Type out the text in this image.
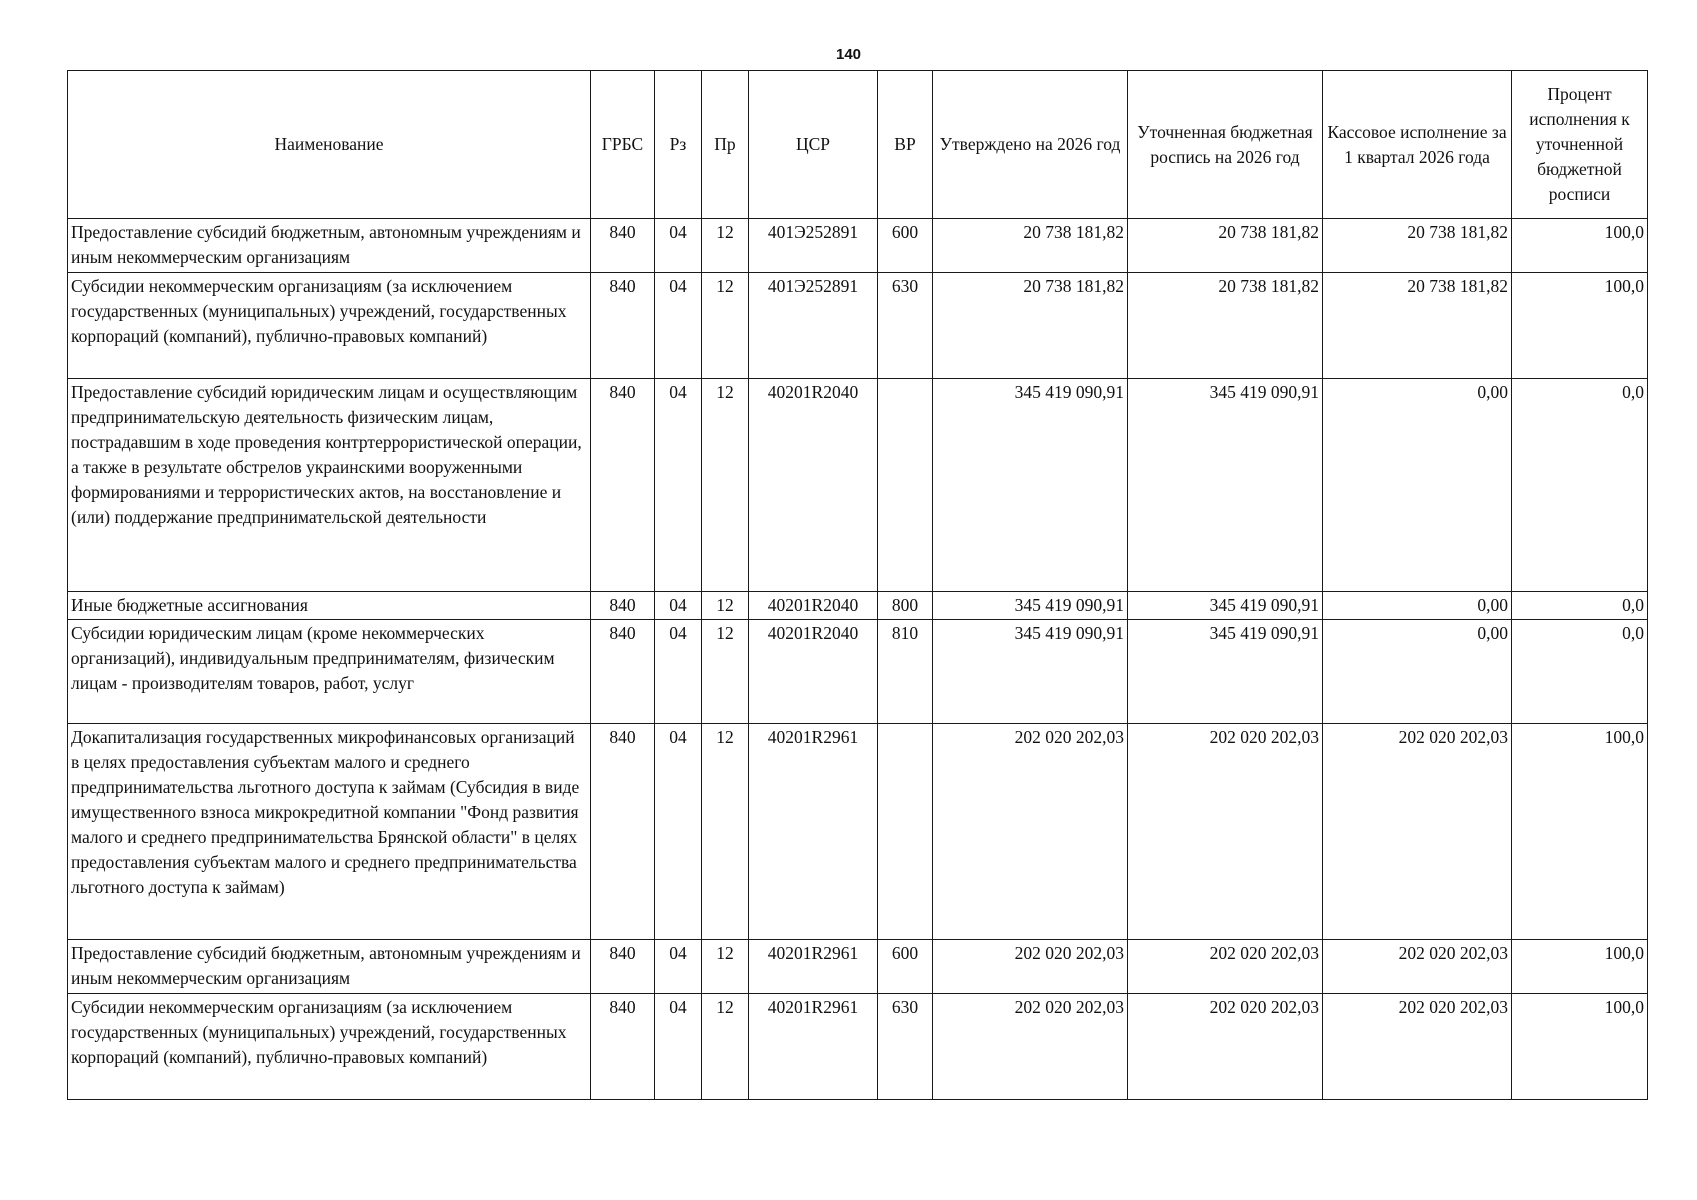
140
Наименование	ГРБС	Рз	Пр	ЦСР	ВР	Утверждено на 2026 год	Уточненная бюджетная роспись на 2026 год	Кассовое исполнение за 1 квартал 2026 года	Процент исполнения к уточненной бюджетной росписи
Предоставление субсидий бюджетным, автономным учреждениям и иным некоммерческим организациям	840	04	12	401Э252891	600	20 738 181,82	20 738 181,82	20 738 181,82	100,0
Субсидии некоммерческим организациям (за исключением государственных (муниципальных) учреждений, государственных корпораций (компаний), публично-правовых компаний)	840	04	12	401Э252891	630	20 738 181,82	20 738 181,82	20 738 181,82	100,0
Предоставление субсидий юридическим лицам и осуществляющим предпринимательскую деятельность физическим лицам, пострадавшим в ходе проведения контртеррористической операции, а также в результате обстрелов украинскими вооруженными формированиями и террористических актов, на восстановление и (или) поддержание предпринимательской деятельности	840	04	12	40201R2040		345 419 090,91	345 419 090,91	0,00	0,0
Иные бюджетные ассигнования	840	04	12	40201R2040	800	345 419 090,91	345 419 090,91	0,00	0,0
Субсидии юридическим лицам (кроме некоммерческих организаций), индивидуальным предпринимателям, физическим лицам - производителям товаров, работ, услуг	840	04	12	40201R2040	810	345 419 090,91	345 419 090,91	0,00	0,0
Докапитализация государственных микрофинансовых организаций в целях предоставления субъектам малого и среднего предпринимательства льготного доступа к займам (Субсидия в виде имущественного взноса микрокредитной компании "Фонд развития малого и среднего предпринимательства Брянской области" в целях предоставления субъектам малого и среднего предпринимательства льготного доступа к займам)	840	04	12	40201R2961		202 020 202,03	202 020 202,03	202 020 202,03	100,0
Предоставление субсидий бюджетным, автономным учреждениям и иным некоммерческим организациям	840	04	12	40201R2961	600	202 020 202,03	202 020 202,03	202 020 202,03	100,0
Субсидии некоммерческим организациям (за исключением государственных (муниципальных) учреждений, государственных корпораций (компаний), публично-правовых компаний)	840	04	12	40201R2961	630	202 020 202,03	202 020 202,03	202 020 202,03	100,0
